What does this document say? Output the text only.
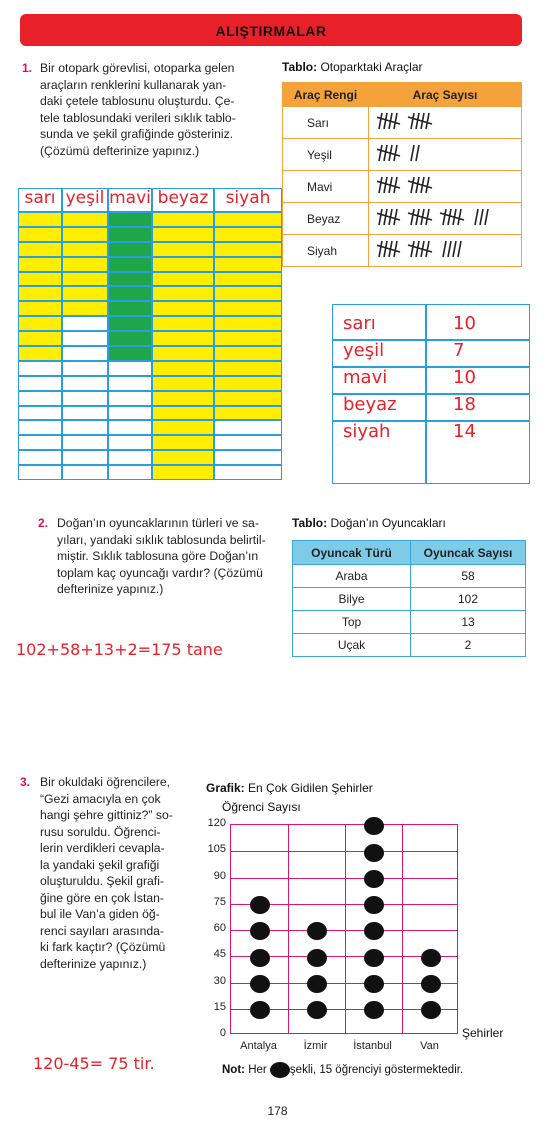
ALIŞTIRMALAR
1. Bir otopark görevlisi, otoparka gelen
araçların renklerini kullanarak yan-
daki çetele tablosunu oluşturdu. Çe-
tele tablosundaki verileri sıklık tablo-
sunda ve şekil grafiğinde gösteriniz.
(Çözümü defterinize yapınız.)
Tablo: Otoparktaki Araçlar
Araç Rengi	Araç Sayısı
Sarı	
Yeşil	
Mavi	
Beyaz	
Siyah	
sarı yeşil mavi beyaz	siyah
sarı	10
yeşil	7
mavi	10
beyaz	18
siyah	14
2. Doğan’ın oyuncaklarının türleri ve sa-
yıları, yandaki sıklık tablosunda belirtil-
miştir. Sıklık tablosuna göre Doğan’ın
toplam kaç oyuncağı vardır? (Çözümü
defterinize yapınız.)
Tablo: Doğan’ın Oyuncakları
Oyuncak Türü	Oyuncak Sayısı
Araba	58
Bilye	102
Top	13
Uçak	2
102+58+13+2=175 tane
3. Bir okuldaki öğrencilere,
“Gezi amacıyla en çok
hangi şehre gittiniz?” so-
rusu soruldu. Öğrenci-
lerin verdikleri cevapla-
la yandaki şekil grafiği
oluşturuldu. Şekil grafi-
ğine göre en çok İstan-
bul ile Van’a giden öğ-
renci sayıları arasında-
ki fark kaçtır? (Çözümü
defterinize yapınız.)
Grafik: En Çok Gidilen Şehirler
Öğrenci Sayısı
0
15
30
45
60
75
90
105
120
Antalya	İzmir	İstanbul	Van
Şehirler
Not: Her şekli, 15 öğrenciyi göstermektedir.
120-45= 75 tir.
178
